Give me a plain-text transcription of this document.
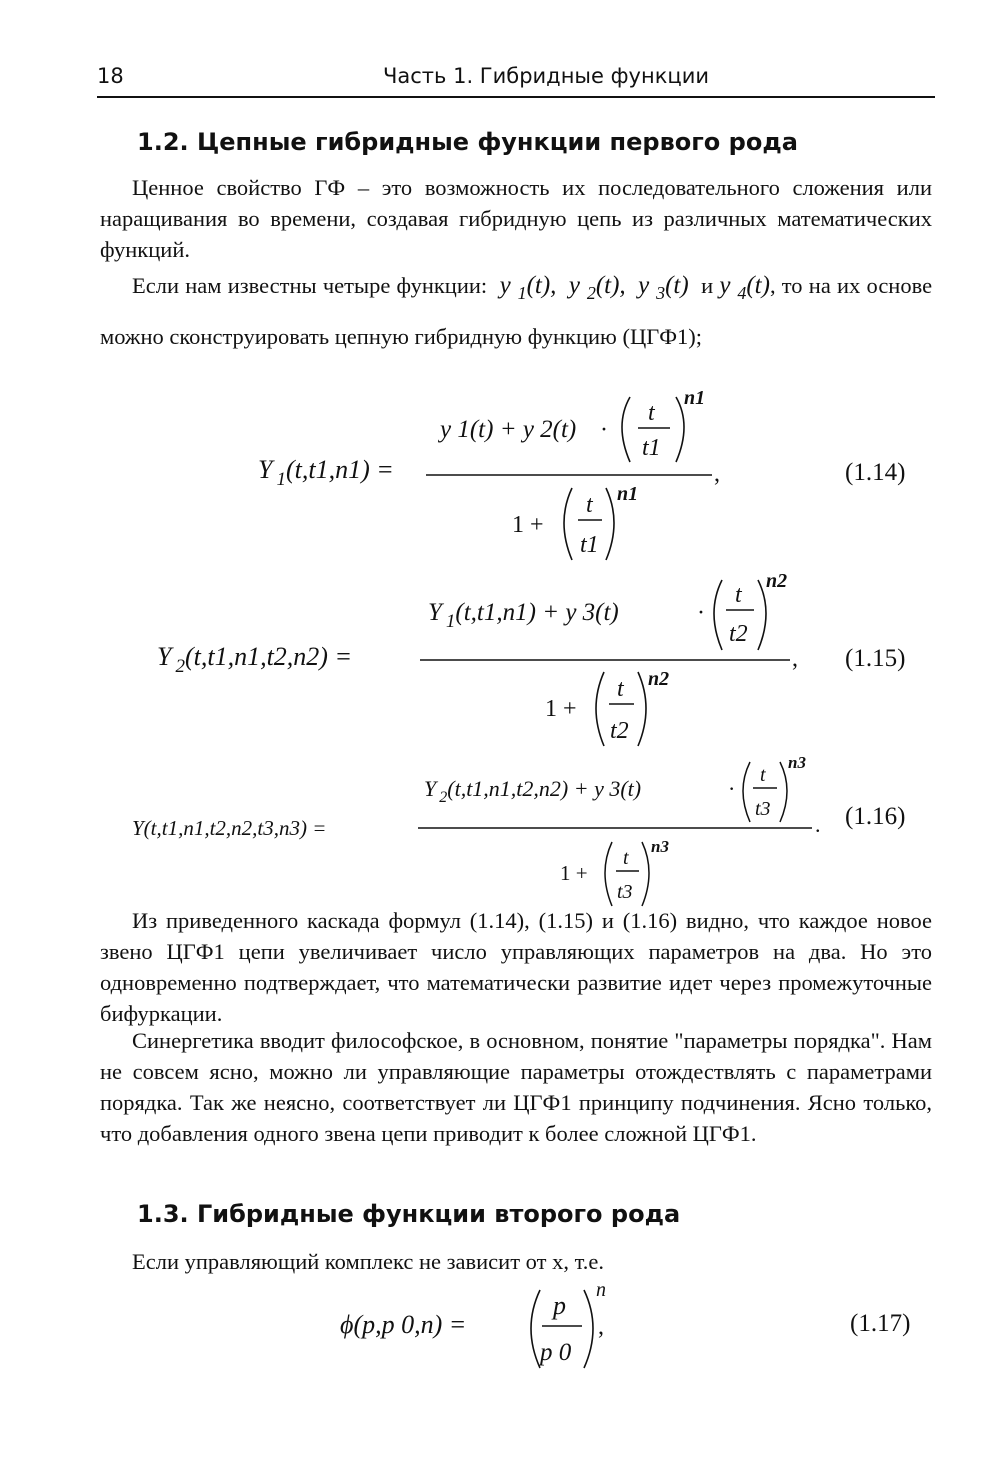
18	Часть 1. Гибридные функции
1.2. Цепные гибридные функции первого рода

Ценное свойство ГФ – это возможность их последовательного сложения или наращивания во времени, создавая гибридную цепь из различных математических функций.

Если нам известны четыре функции: y $_1$(t), y $_2$(t), y $_3$(t) и y $_4$(t), то на их основе можно сконструировать цепную гибридную функцию (ЦГФ1);
Y $_1$(t,t1,n1) =
y 1(t) + y 2(t) ·
t
t1
n1
,
1 +
t
t1
n1
(1.14)
Y $_2$(t,t1,n1,t2,n2) =
Y $_1$(t,t1,n1) + y 3(t)	·
t
t2
n2
,
1 +
t
t2
n2
(1.15)
Y(t,t1,n1,t2,n2,t3,n3) =
Y $_2$(t,t1,n1,t2,n2) + y 3(t)	·
t
t3
n3
.
1 +
t
t3
n3
(1.16)
ϕ(p,p 0,n) =
p
p 0
n
,	(1.17)

Из приведенного каскада формул (1.14), (1.15) и (1.16) видно, что каждое новое звено ЦГФ1 цепи увеличивает число управляющих параметров на два. Но это одновременно подтверждает, что математически развитие идет через промежуточные бифуркации.

Синергетика вводит философское, в основном, понятие "параметры порядка". Нам не совсем ясно, можно ли управляющие параметры отождествлять с параметрами порядка. Так же неясно, соответствует ли ЦГФ1 принципу подчинения. Ясно только, что добавления одного звена цепи приводит к более сложной ЦГФ1.

1.3. Гибридные функции второго рода

Если управляющий комплекс не зависит от x, т.е.
